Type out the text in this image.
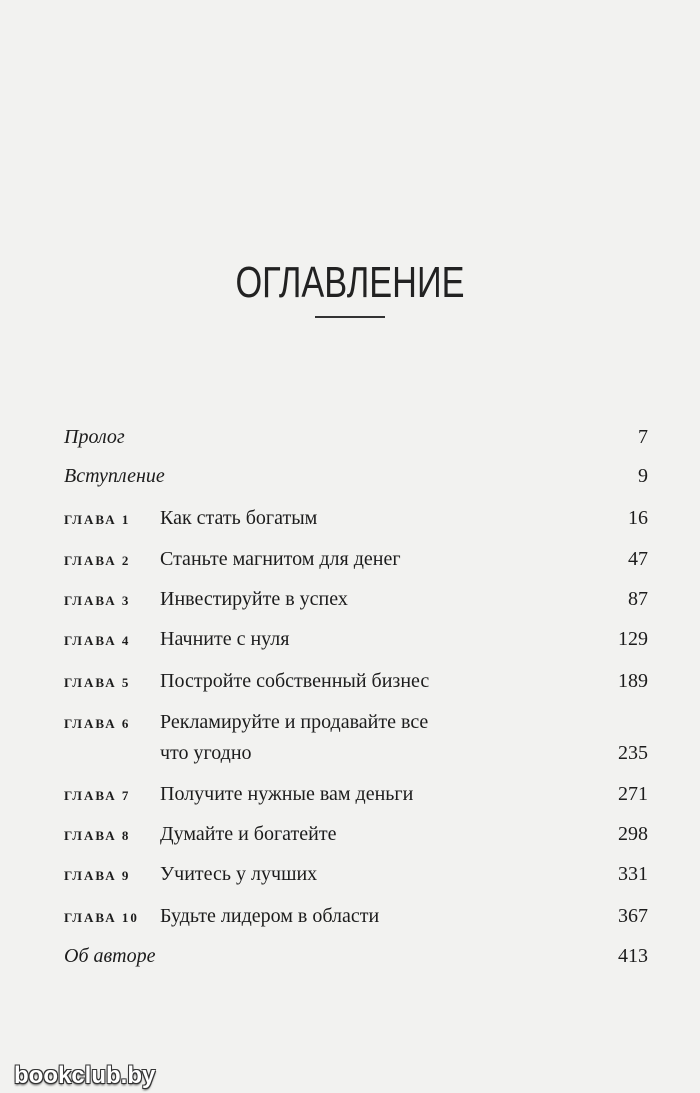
ОГЛАВЛЕНИЕ
Пролог	7
Вступление	9
ГЛАВА 1 Как стать богатым	16
ГЛАВА 2 Станьте магнитом для денег	47
ГЛАВА 3 Инвестируйте в успех	87
ГЛАВА 4 Начните с нуля	129
ГЛАВА 5 Постройте собственный бизнес	189
ГЛАВА 6 Рекламируйте и продавайте все
что угодно	235
ГЛАВА 7 Получите нужные вам деньги	271
ГЛАВА 8 Думайте и богатейте	298
ГЛАВА 9 Учитесь у лучших	331
ГЛАВА 10 Будьте лидером в области	367
Об авторе	413
bookclub.by
